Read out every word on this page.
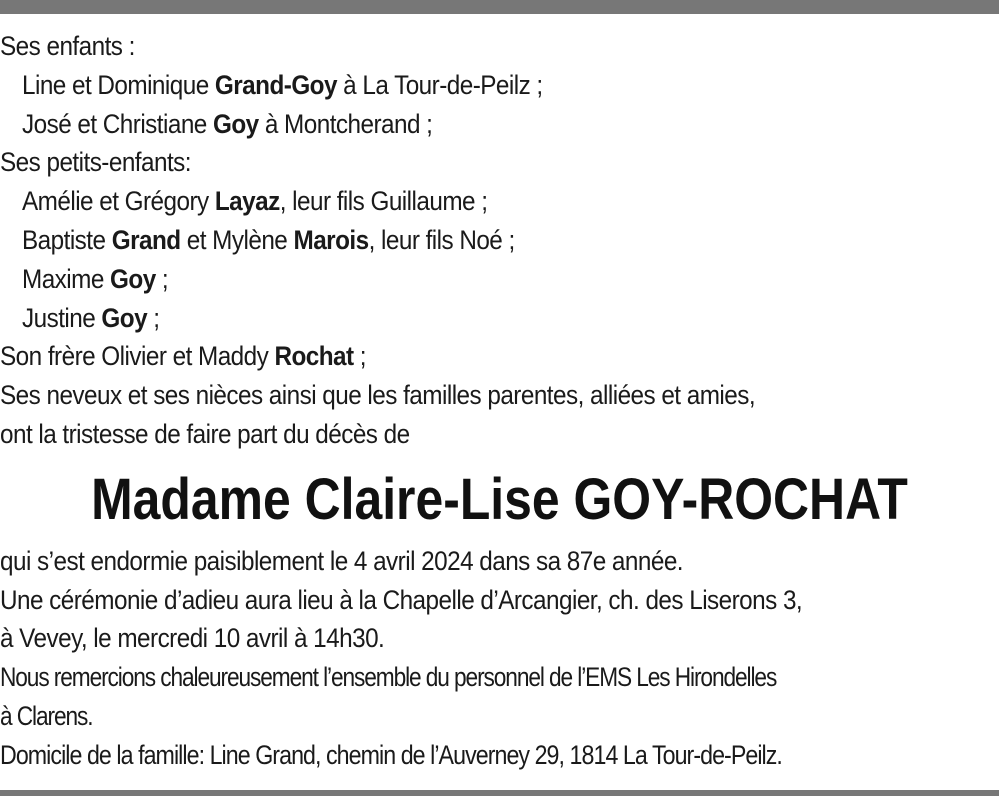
Ses enfants :
Line et Dominique Grand-Goy à La Tour-de-Peilz ;
José et Christiane Goy à Montcherand ;
Ses petits-enfants:
Amélie et Grégory Layaz, leur fils Guillaume ;
Baptiste Grand et Mylène Marois, leur fils Noé ;
Maxime Goy ;
Justine Goy ;
Son frère Olivier et Maddy Rochat ;
Ses neveux et ses nièces ainsi que les familles parentes, alliées et amies,
ont la tristesse de faire part du décès de
Madame Claire-Lise GOY-ROCHAT
qui s’est endormie paisiblement le 4 avril 2024 dans sa 87e année.
Une cérémonie d’adieu aura lieu à la Chapelle d’Arcangier, ch. des Liserons 3,
à Vevey, le mercredi 10 avril à 14h30.
Nous remercions chaleureusement l’ensemble du personnel de l’EMS Les Hirondelles
à Clarens.
Domicile de la famille: Line Grand, chemin de l’Auverney 29, 1814 La Tour-de-Peilz.
